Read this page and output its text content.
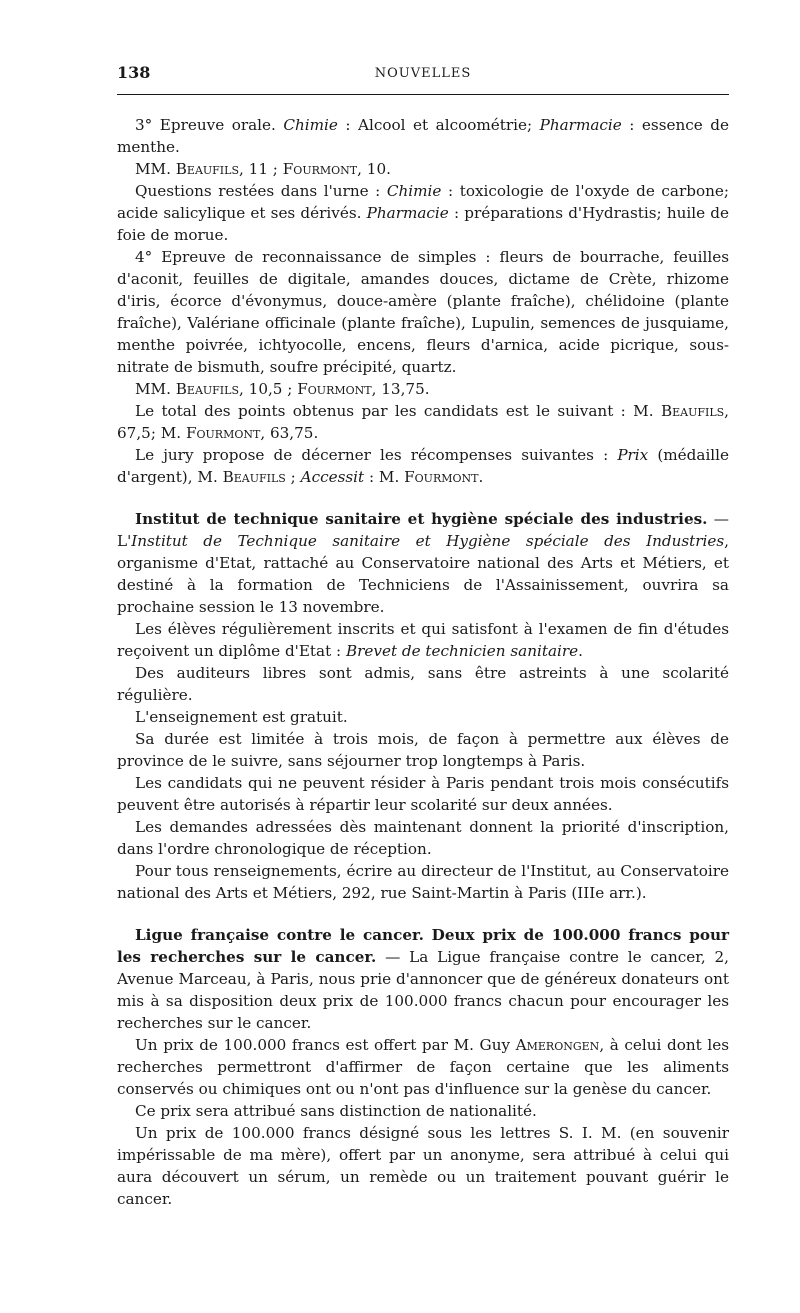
138	NOUVELLES

3° Epreuve orale. Chimie : Alcool et alcoométrie; Pharmacie : essence de menthe.

MM. Beaufils, 11 ; Fourmont, 10.

Questions restées dans l'urne : Chimie : toxicologie de l'oxyde de carbone; acide salicylique et ses dérivés. Pharmacie : préparations d'Hydrastis; huile de foie de morue.

4° Epreuve de reconnaissance de simples : fleurs de bourrache, feuilles d'aconit, feuilles de digitale, amandes douces, dictame de Crète, rhizome d'iris, écorce d'évonymus, douce-amère (plante fraîche), chélidoine (plante fraîche), Valériane officinale (plante fraîche), Lupulin, semences de jusquiame, menthe poivrée, ichtyocolle, encens, fleurs d'arnica, acide picrique, sous-nitrate de bismuth, soufre précipité, quartz.

MM. Beaufils, 10,5 ; Fourmont, 13,75.

Le total des points obtenus par les candidats est le suivant : M. Beaufils, 67,5; M. Fourmont, 63,75.

Le jury propose de décerner les récompenses suivantes : Prix (médaille d'argent), M. Beaufils ; Accessit : M. Fourmont.

Institut de technique sanitaire et hygiène spéciale des industries. — L'Institut de Technique sanitaire et Hygiène spéciale des Industries, organisme d'Etat, rattaché au Conservatoire national des Arts et Métiers, et destiné à la formation de Techniciens de l'Assainissement, ouvrira sa prochaine session le 13 novembre.

Les élèves régulièrement inscrits et qui satisfont à l'examen de fin d'études reçoivent un diplôme d'Etat : Brevet de technicien sanitaire.

Des auditeurs libres sont admis, sans être astreints à une scolarité régulière.

L'enseignement est gratuit.

Sa durée est limitée à trois mois, de façon à permettre aux élèves de province de le suivre, sans séjourner trop longtemps à Paris.

Les candidats qui ne peuvent résider à Paris pendant trois mois consécutifs peuvent être autorisés à répartir leur scolarité sur deux années.

Les demandes adressées dès maintenant donnent la priorité d'inscription, dans l'ordre chronologique de réception.

Pour tous renseignements, écrire au directeur de l'Institut, au Conservatoire national des Arts et Métiers, 292, rue Saint-Martin à Paris (IIIe arr.).

Ligue française contre le cancer. Deux prix de 100.000 francs pour les recherches sur le cancer. — La Ligue française contre le cancer, 2, Avenue Marceau, à Paris, nous prie d'annoncer que de généreux donateurs ont mis à sa disposition deux prix de 100.000 francs chacun pour encourager les recherches sur le cancer.

Un prix de 100.000 francs est offert par M. Guy Amerongen, à celui dont les recherches permettront d'affirmer de façon certaine que les aliments conservés ou chimiques ont ou n'ont pas d'influence sur la genèse du cancer.

Ce prix sera attribué sans distinction de nationalité.

Un prix de 100.000 francs désigné sous les lettres S. I. M. (en souvenir impérissable de ma mère), offert par un anonyme, sera attribué à celui qui aura découvert un sérum, un remède ou un traitement pouvant guérir le cancer.
